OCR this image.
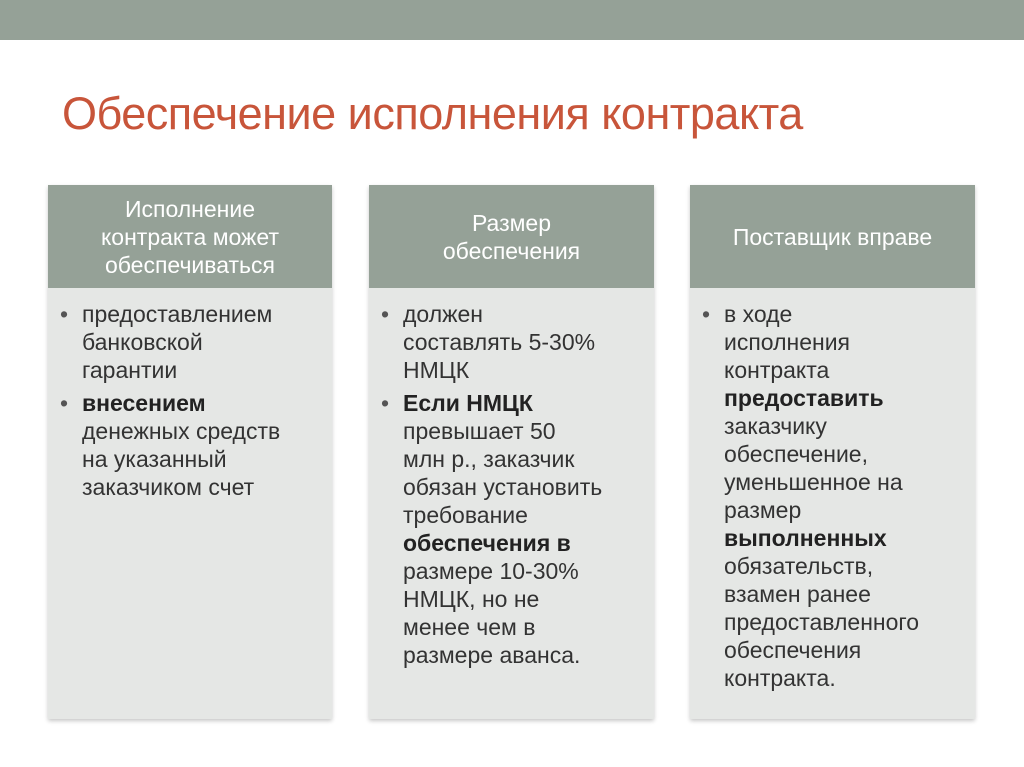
Обеспечение исполнения контракта
Исполнение
контракта может
обеспечиваться
• предоставлением
банковской
гарантии
• внесением
денежных средств
на указанный
заказчиком счет
Размер
обеспечения
• должен
составлять 5-30%
НМЦК
• Если НМЦК
превышает 50
млн р., заказчик
обязан установить
требование
обеспечения в
размере 10-30%
НМЦК, но не
менее чем в
размере аванса.
Поставщик вправе
• в ходе
исполнения
контракта
предоставить
заказчику
обеспечение,
уменьшенное на
размер
выполненных
обязательств,
взамен ранее
предоставленного
обеспечения
контракта.
